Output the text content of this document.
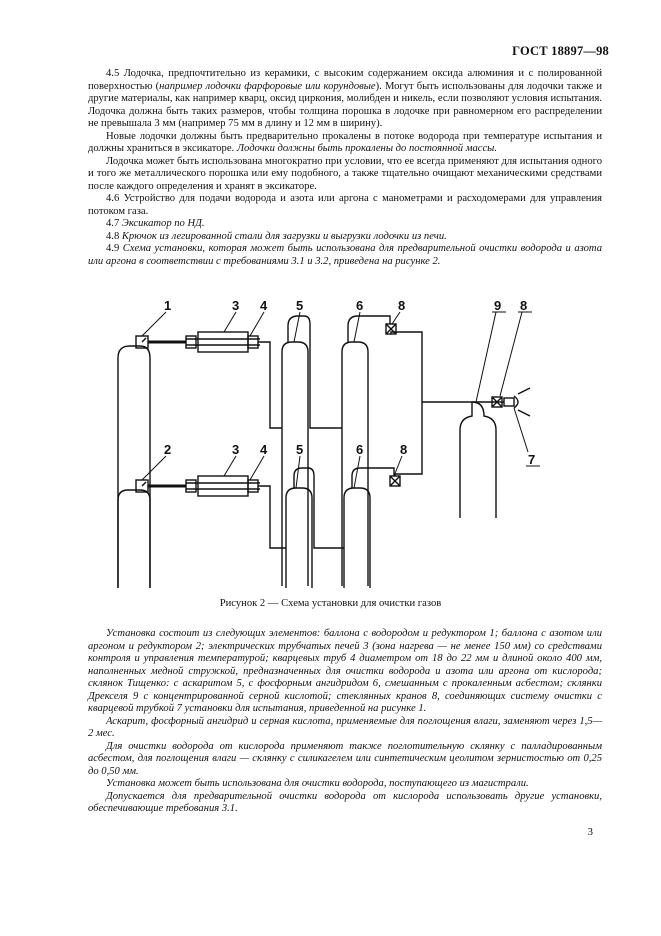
ГОСТ 18897—98

4.5 Лодочка, предпочтительно из керамики, с высоким содержанием оксида алюминия и с полированной поверхностью (например лодочки фарфоровые или корундовые). Могут быть использованы для лодочки также и другие материалы, как например кварц, оксид циркония, молибден и никель, если позволяют условия испытания. Лодочка должна быть таких размеров, чтобы толщина порошка в лодочке при равномерном его распределении не превышала 3 мм (например 75 мм в длину и 12 мм в ширину).

Новые лодочки должны быть предварительно прокалены в потоке водорода при температуре испытания и должны храниться в эксикаторе. Лодочки должны быть прокалены до постоянной массы.

Лодочка может быть использована многократно при условии, что ее всегда применяют для испытания одного и того же металлического порошка или ему подобного, а также тщательно очищают механическими средствами после каждого определения и хранят в эксикаторе.

4.6 Устройство для подачи водорода и азота или аргона с манометрами и расходомерами для управления потоком газа.

4.7 Эксикатор по НД.

4.8 Крючок из легированной стали для загрузки и выгрузки лодочки из печи.

4.9 Схема установки, которая может быть использована для предварительной очистки водорода и азота или аргона в соответствии с требованиями 3.1 и 3.2, приведена на рисунке 2.

1	3 4 5	6	8	9 8
2	3 4 5	6	8
7
Рисунок 2 — Схема установки для очистки газов

Установка состоит из следующих элементов: баллона с водородом и редуктором 1; баллона с азотом или аргоном и редуктором 2; электрических трубчатых печей 3 (зона нагрева — не менее 150 мм) со средствами контроля и управления температурой; кварцевых труб 4 диаметром от 18 до 22 мм и длиной около 400 мм, наполненных медной стружкой, предназначенных для очистки водорода и азота или аргона от кислорода; склянок Тищенко: с аскаритом 5, с фосфорным ангидридом 6, смешанным с прокаленным асбестом; склянки Дрекселя 9 с концентрированной серной кислотой; стеклянных кранов 8, соединяющих систему очистки с кварцевой трубкой 7 установки для испытания, приведенной на рисунке 1.

Аскарит, фосфорный ангидрид и серная кислота, применяемые для поглощения влаги, заменяют через 1,5—2 мес.

Для очистки водорода от кислорода применяют также поглотительную склянку с палладированным асбестом, для поглощения влаги — склянку с силикагелем или синтетическим цеолитом зернистостью от 0,25 до 0,50 мм.

Установка может быть использована для очистки водорода, поступающего из магистрали.

Допускается для предварительной очистки водорода от кислорода использовать другие установки, обеспечивающие требования 3.1.

3
